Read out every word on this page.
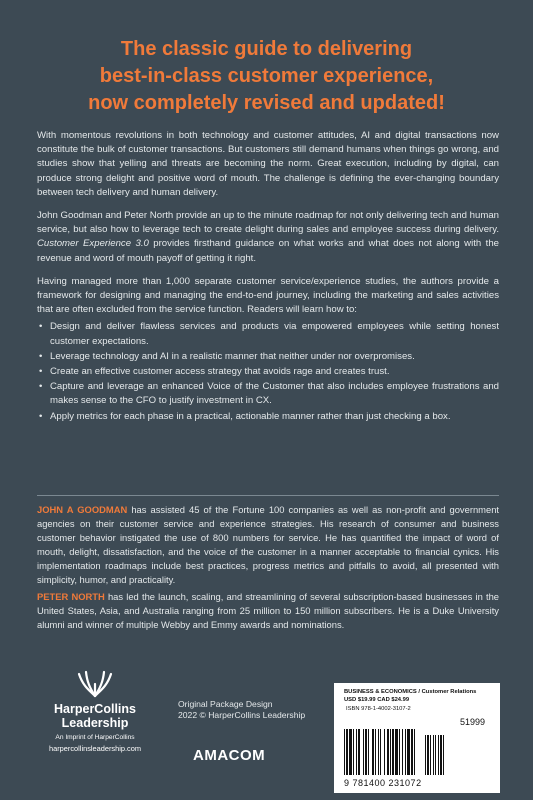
The classic guide to delivering
best-in-class customer experience,
now completely revised and updated!

With momentous revolutions in both technology and customer attitudes, AI and digital transactions now constitute the bulk of customer transactions. But customers still demand humans when things go wrong, and studies show that yelling and threats are becoming the norm. Great execution, including by digital, can produce strong delight and positive word of mouth. The challenge is defining the ever-changing boundary between tech delivery and human delivery.

John Goodman and Peter North provide an up to the minute roadmap for not only delivering tech and human service, but also how to leverage tech to create delight during sales and employee success during delivery. Customer Experience 3.0 provides firsthand guidance on what works and what does not along with the revenue and word of mouth payoff of getting it right.

Having managed more than 1,000 separate customer service/experience studies, the authors provide a framework for designing and managing the end-to-end journey, including the marketing and sales activities that are often excluded from the service function. Readers will learn how to:

• Design and deliver flawless services and products via empowered employees while setting honest customer expectations.
• Leverage technology and AI in a realistic manner that neither under nor overpromises.
• Create an effective customer access strategy that avoids rage and creates trust.
• Capture and leverage an enhanced Voice of the Customer that also includes employee frustrations and makes sense to the CFO to justify investment in CX.
• Apply metrics for each phase in a practical, actionable manner rather than just checking a box.

JOHN A GOODMAN has assisted 45 of the Fortune 100 companies as well as non-profit and government agencies on their customer service and experience strategies. His research of consumer and business customer behavior instigated the use of 800 numbers for service. He has quantified the impact of word of mouth, delight, dissatisfaction, and the voice of the customer in a manner acceptable to financial cynics. His implementation roadmaps include best practices, progress metrics and pitfalls to avoid, all presented with simplicity, humor, and practicality.

PETER NORTH has led the launch, scaling, and streamlining of several subscription-based businesses in the United States, Asia, and Australia ranging from 25 million to 150 million subscribers. He is a Duke University alumni and winner of multiple Webby and Emmy awards and nominations.

HarperCollins
Leadership
An Imprint of HarperCollins
harpercollinsleadership.com
Original Package Design
2022 © HarperCollins Leadership
AMACOM
BUSINESS & ECONOMICS / Customer Relations
USD $19.99 CAD $24.99
ISBN 978-1-4002-3107-2
51999
9 781400 231072
